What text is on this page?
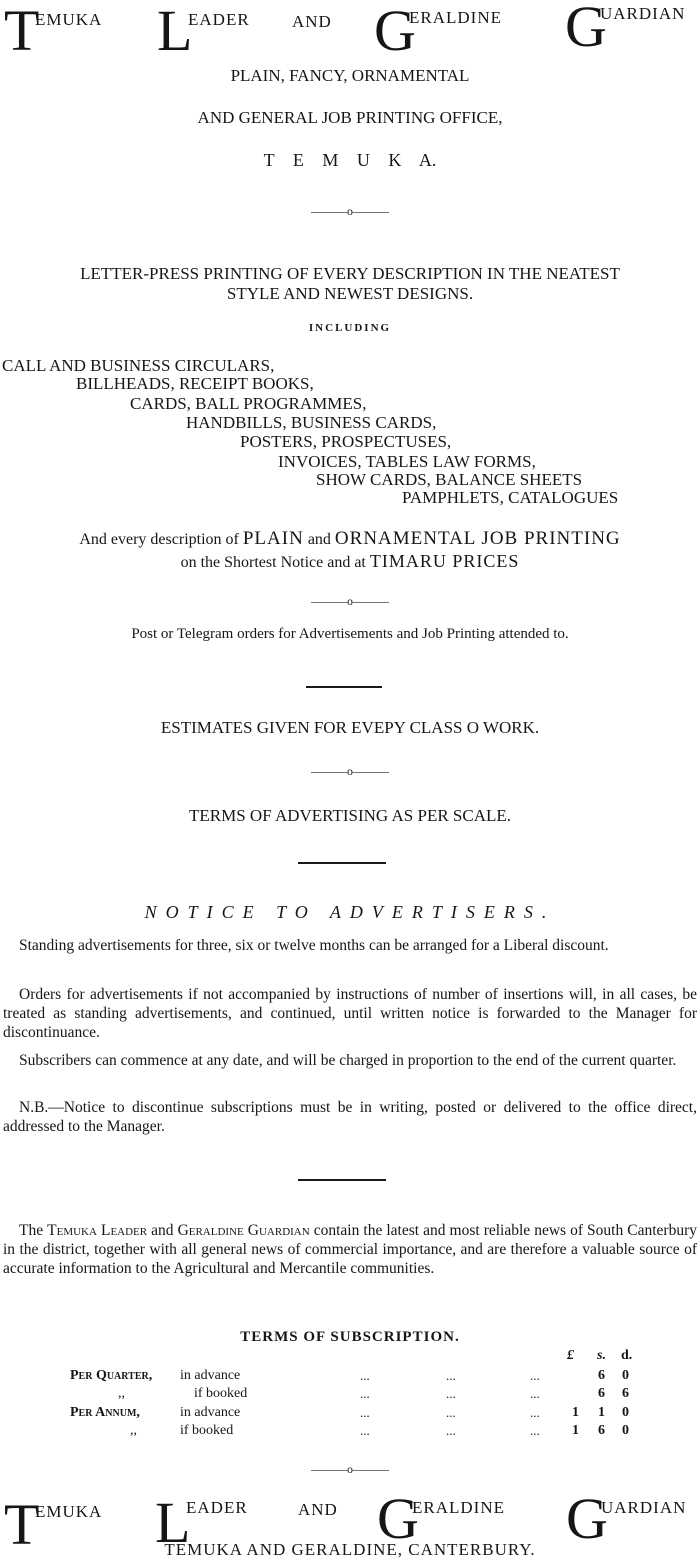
T
EMUKA L
EADER AND G
ERALDINE G
UARDIAN
PLAIN, FANCY, ORNAMENTAL
AND GENERAL JOB PRINTING OFFICE,
T E M U K A.
———o———
LETTER-PRESS PRINTING OF EVERY DESCRIPTION IN THE NEATEST
STYLE AND NEWEST DESIGNS.
INCLUDING
CALL AND BUSINESS CIRCULARS,
BILLHEADS, RECEIPT BOOKS,
CARDS, BALL PROGRAMMES,
HANDBILLS, BUSINESS CARDS,
POSTERS, PROSPECTUSES,
INVOICES, TABLES LAW FORMS,
SHOW CARDS, BALANCE SHEETS
PAMPHLETS, CATALOGUES
And every description of PLAIN and ORNAMENTAL JOB PRINTING
on the Shortest Notice and at TIMARU PRICES
———o———
Post or Telegram orders for Advertisements and Job Printing attended to.
ESTIMATES GIVEN FOR EVEPY CLASS O WORK.
———o———
TERMS OF ADVERTISING AS PER SCALE.
NOTICE TO ADVERTISERS.
Standing advertisements for three, six or twelve months can be arranged for a Liberal discount.
Orders for advertisements if not accompanied by instructions of number of insertions will, in all cases, be treated as standing advertisements, and continued, until written notice is forwarded to the Manager for discontinuance.
Subscribers can commence at any date, and will be charged in proportion to the end of the current quarter.
N.B.—Notice to discontinue subscriptions must be in writing, posted or delivered to the office direct, addressed to the Manager.
The Temuka Leader and Geraldine Guardian contain the latest and most reliable news of South Canterbury in the district, together with all general news of commercial importance, and are therefore a valuable source of accurate information to the Agricultural and Mercantile communities.
TERMS OF SUBSCRIPTION.
£ s. d.
Per Quarter, in advance	...	...	...	6 0
,,	if booked	...	...	...	6 6
Per Annum,	in advance	...	...	... 1 1 0
,,	if booked	...	...	... 1 6 0
———o———
T
EMUKA L
EADER	AND G
ERALDINE G
UARDIAN
TEMUKA AND GERALDINE, CANTERBURY.
